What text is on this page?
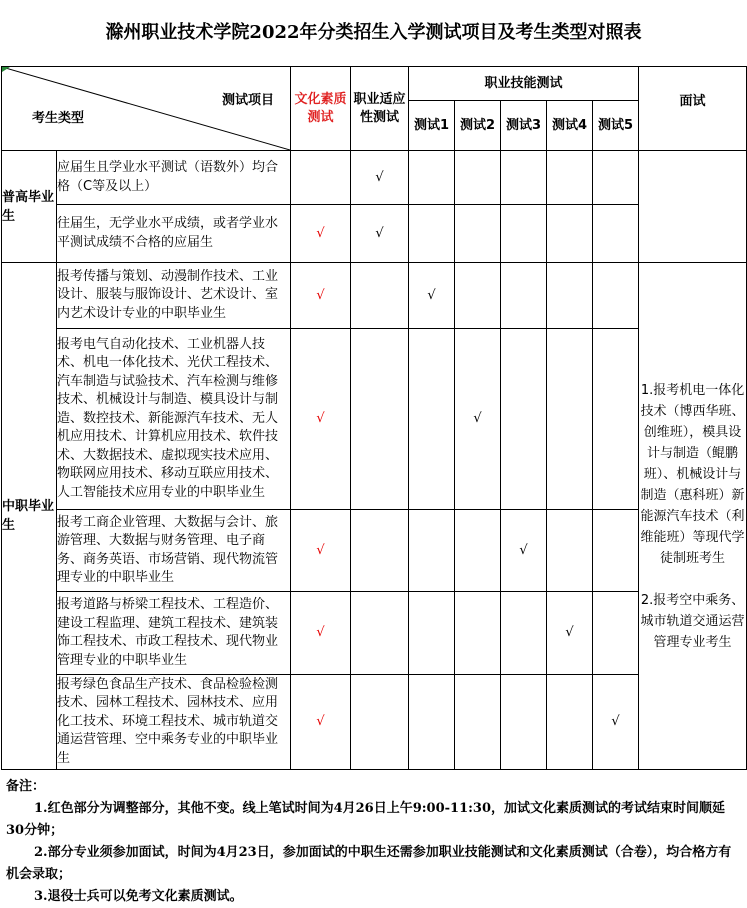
滁州职业技术学院2022年分类招生入学测试项目及考生类型对照表
测试项目
考生类型		文化素质测试	职业适应性测试	职业技能测试					面试
				测试1	测试2	测试3	测试4	测试5	
普高毕业生	应届生且学业水平测试（语数外）均合格（C等及以上）		√						
	往届生，无学业水平成绩，或者学业水平测试成绩不合格的应届生	√	√						
中职毕业生	报考传播与策划、动漫制作技术、工业设计、服装与服饰设计、艺术设计、室内艺术设计专业的中职毕业生	√		√					1.报考机电一体化技术（博西华班、创维班），模具设计与制造（鲲鹏班）、机械设计与制造（惠科班）新能源汽车技术（利维能班）等现代学徒制班考生
2.报考空中乘务、城市轨道交通运营管理专业考生

	报考电气自动化技术、工业机器人技术、机电一体化技术、光伏工程技术、汽车制造与试验技术、汽车检测与维修技术、机械设计与制造、模具设计与制造、数控技术、新能源汽车技术、无人机应用技术、计算机应用技术、软件技术、大数据技术、虚拟现实技术应用、物联网应用技术、移动互联应用技术、人工智能技术应用专业的中职毕业生	√			√				
	报考工商企业管理、大数据与会计、旅游管理、大数据与财务管理、电子商务、商务英语、市场营销、现代物流管理专业的中职毕业生	√				√			
	报考道路与桥梁工程技术、工程造价、建设工程监理、建筑工程技术、建筑装饰工程技术、市政工程技术、现代物业管理专业的中职毕业生	√					√		
	报考绿色食品生产技术、食品检验检测技术、园林工程技术、园林技术、应用化工技术、环境工程技术、城市轨道交通运营管理、空中乘务专业的中职毕业生	√						√	
备注：
1.红色部分为调整部分，其他不变。线上笔试时间为4月26日上午9:00-11:30，加试文化素质测试的考试结束时间顺延30分钟；
2.部分专业须参加面试，时间为4月23日，参加面试的中职生还需参加职业技能测试和文化素质测试（合卷），均合格方有机会录取；
3.退役士兵可以免考文化素质测试。
